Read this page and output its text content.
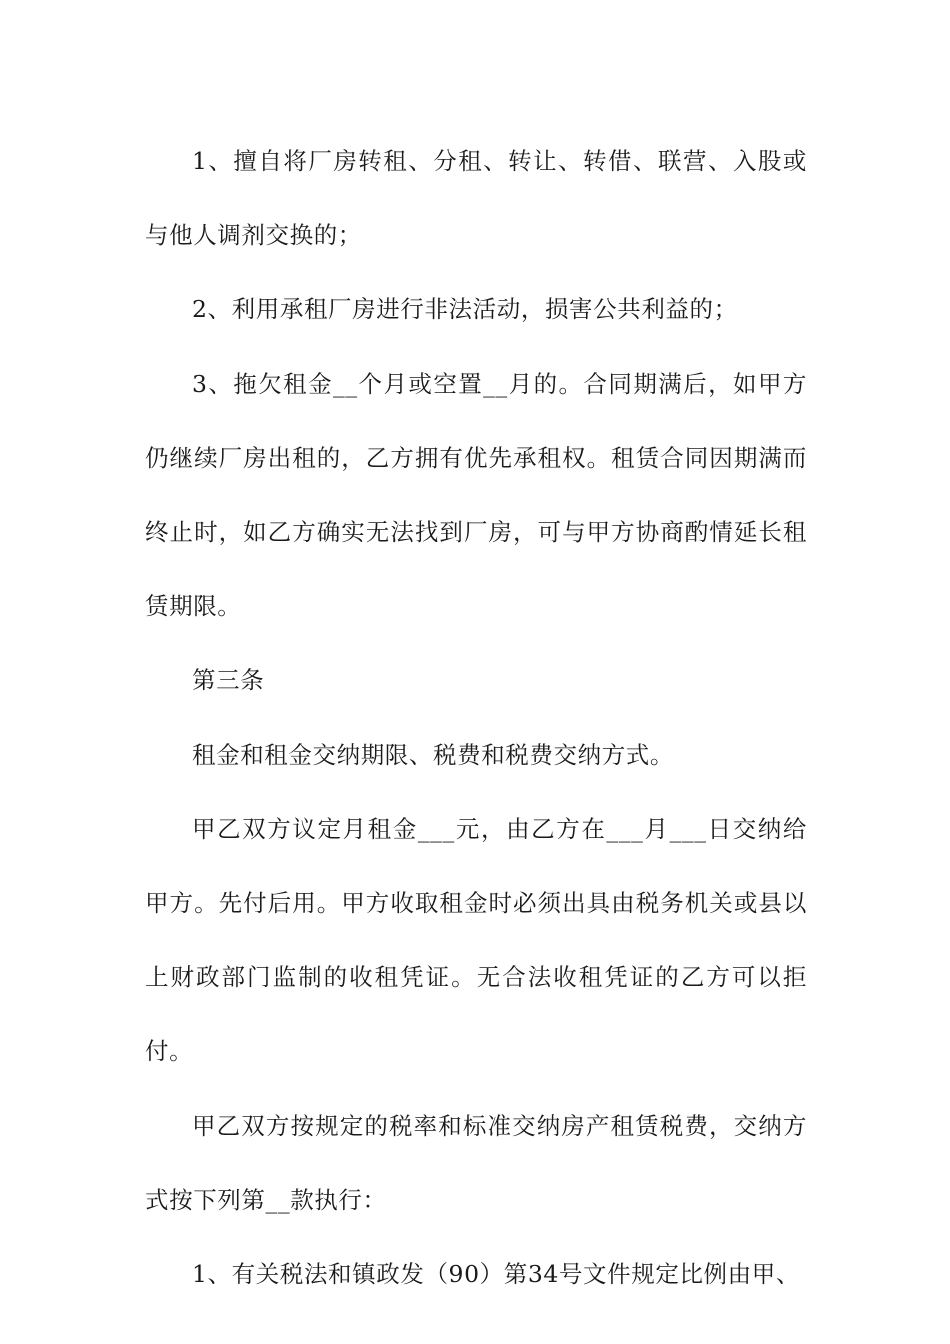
1、擅自将厂房转租、分租、转让、转借、联营、入股或与他人调剂交换的；

2、利用承租厂房进行非法活动，损害公共利益的；

3、拖欠租金__个月或空置__月的。合同期满后，如甲方仍继续厂房出租的，乙方拥有优先承租权。租赁合同因期满而终止时，如乙方确实无法找到厂房，可与甲方协商酌情延长租赁期限。

第三条

租金和租金交纳期限、税费和税费交纳方式。

甲乙双方议定月租金___元，由乙方在___月___日交纳给甲方。先付后用。甲方收取租金时必须出具由税务机关或县以上财政部门监制的收租凭证。无合法收租凭证的乙方可以拒付。

甲乙双方按规定的税率和标准交纳房产租赁税费，交纳方式按下列第__款执行：

1、有关税法和镇政发（90）第34号文件规定比例由甲、
